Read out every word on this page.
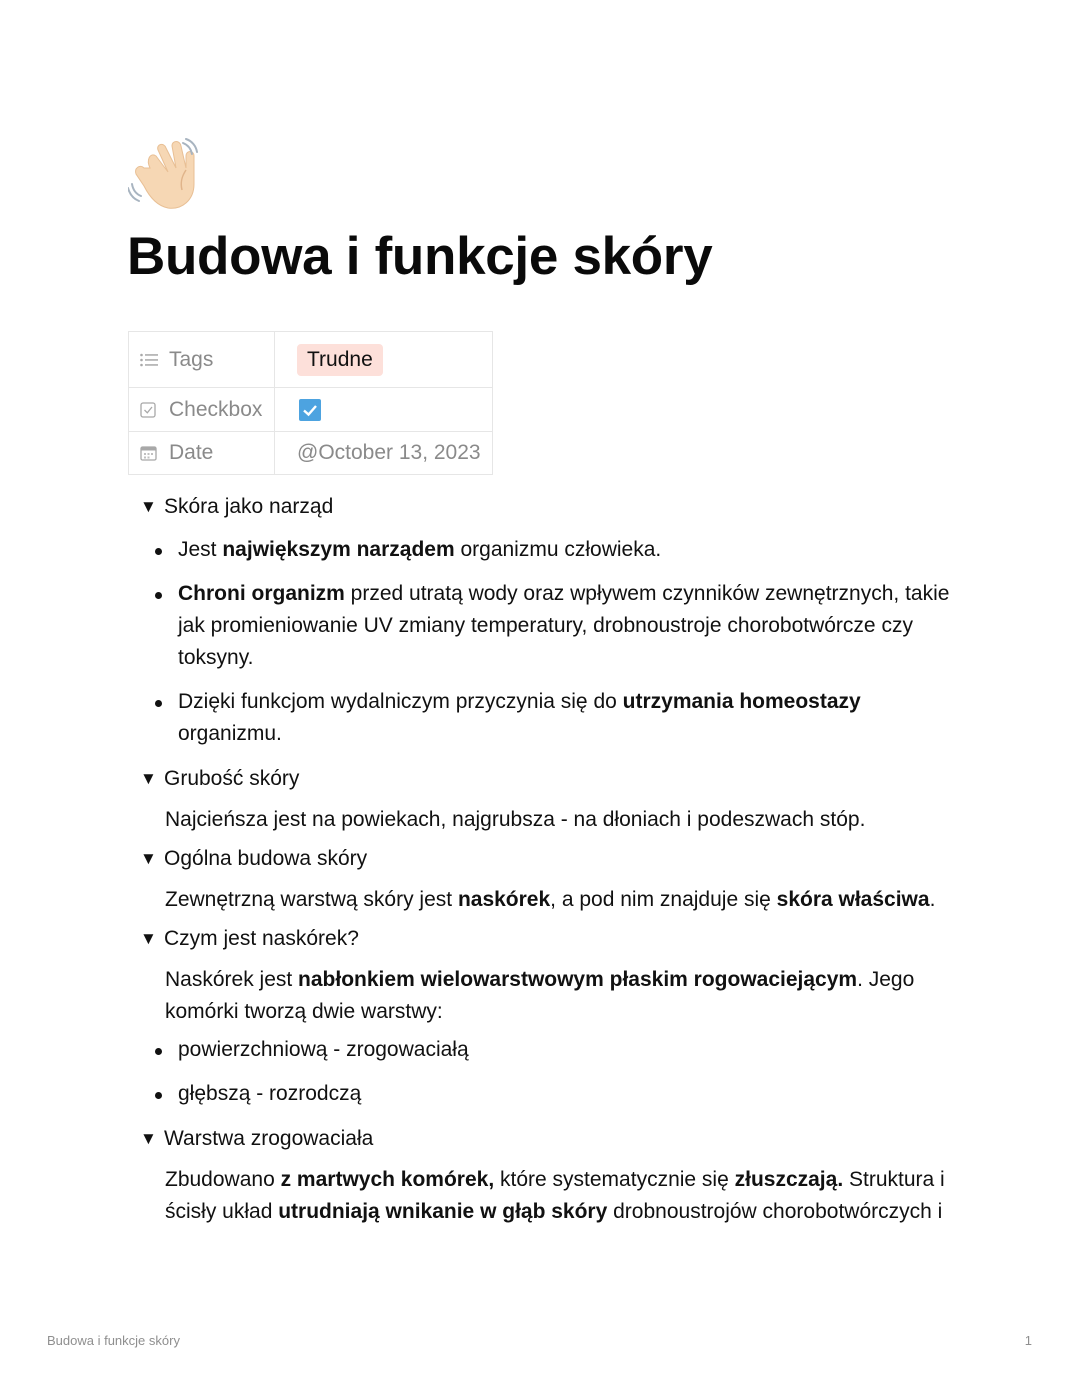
Budowa i funkcje skóry
Tags	Trudne

Checkbox

Date	@October 13, 2023
▼ Skóra jako narząd
Jest największym narządem organizmu człowieka.
Chroni organizm przed utratą wody oraz wpływem czynników zewnętrznych, takie jak promieniowanie UV zmiany temperatury, drobnoustroje chorobotwórcze czy toksyny.
Dzięki funkcjom wydalniczym przyczynia się do utrzymania homeostazy organizmu.
▼ Grubość skóry
Najcieńsza jest na powiekach, najgrubsza - na dłoniach i podeszwach stóp.
▼ Ogólna budowa skóry
Zewnętrzną warstwą skóry jest naskórek, a pod nim znajduje się skóra właściwa.
▼ Czym jest naskórek?
Naskórek jest nabłonkiem wielowarstwowym płaskim rogowaciejącym. Jego komórki tworzą dwie warstwy:
powierzchniową - zrogowaciałą
głębszą - rozrodczą
▼ Warstwa zrogowaciała
Zbudowano z martwych komórek, które systematycznie się złuszczają. Struktura i ścisły układ utrudniają wnikanie w głąb skóry drobnoustrojów chorobotwórczych i
Budowa i funkcje skóry	1
